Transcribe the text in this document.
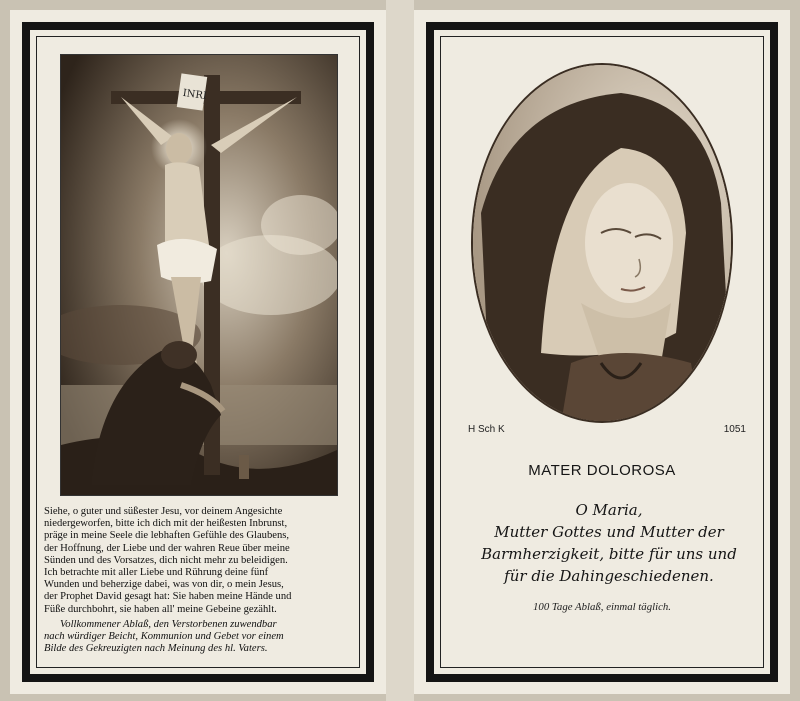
INRI

Siehe, o guter und süßester Jesu, vor deinem Angesichte

niedergeworfen, bitte ich dich mit der heißesten Inbrunst,

präge in meine Seele die lebhaften Gefühle des Glaubens,

der Hoffnung, der Liebe und der wahren Reue über meine

Sünden und des Vorsatzes, dich nicht mehr zu beleidigen.

Ich betrachte mit aller Liebe und Rührung deine fünf

Wunden und beherzige dabei, was von dir, o mein Jesus,

der Prophet David gesagt hat: Sie haben meine Hände und

Füße durchbohrt, sie haben all' meine Gebeine gezählt.

Vollkommener Ablaß, den Verstorbenen zuwendbar

nach würdiger Beicht, Kommunion und Gebet vor einem

Bilde des Gekreuzigten nach Meinung des hl. Vaters.

H Sch K	1051
MATER DOLOROSA
O Maria,
Mutter Gottes und Mutter der
Barmherzigkeit, bitte für uns und
für die Dahingeschiedenen.
100 Tage Ablaß, einmal täglich.
